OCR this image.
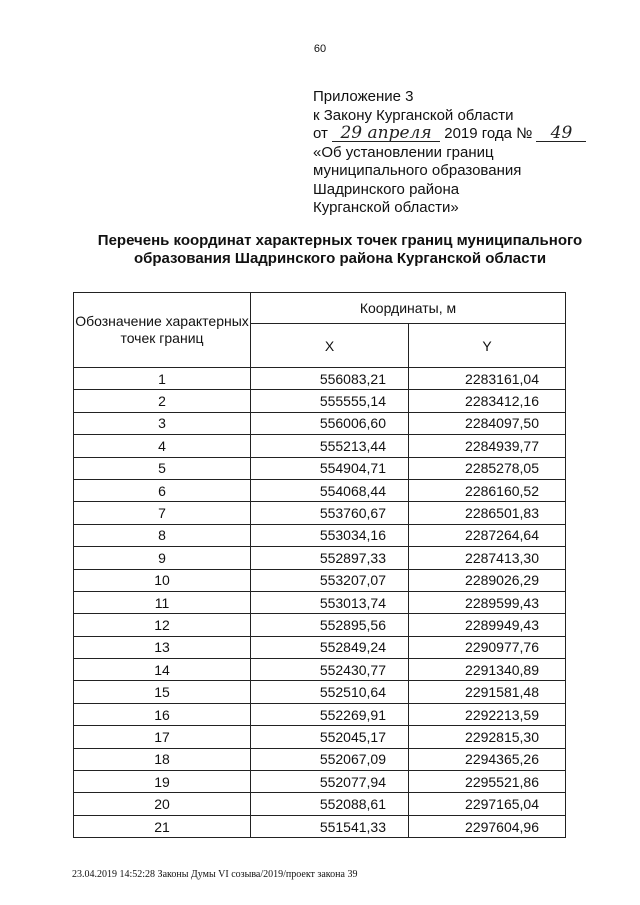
60
Приложение 3
к Закону Курганской области
от 29 апреля 2019 года № 49
«Об установлении границ
муниципального образования
Шадринского района
Курганской области»
Перечень координат характерных точек границ муниципального
образования Шадринского района Курганской области
Обозначение характерных точек границ	Координаты, м	
	X	Y
1	556083,21	2283161,04
2	555555,14	2283412,16
3	556006,60	2284097,50
4	555213,44	2284939,77
5	554904,71	2285278,05
6	554068,44	2286160,52
7	553760,67	2286501,83
8	553034,16	2287264,64
9	552897,33	2287413,30
10	553207,07	2289026,29
11	553013,74	2289599,43
12	552895,56	2289949,43
13	552849,24	2290977,76
14	552430,77	2291340,89
15	552510,64	2291581,48
16	552269,91	2292213,59
17	552045,17	2292815,30
18	552067,09	2294365,26
19	552077,94	2295521,86
20	552088,61	2297165,04
21	551541,33	2297604,96
23.04.2019 14:52:28 Законы Думы VI созыва/2019/проект закона 39
